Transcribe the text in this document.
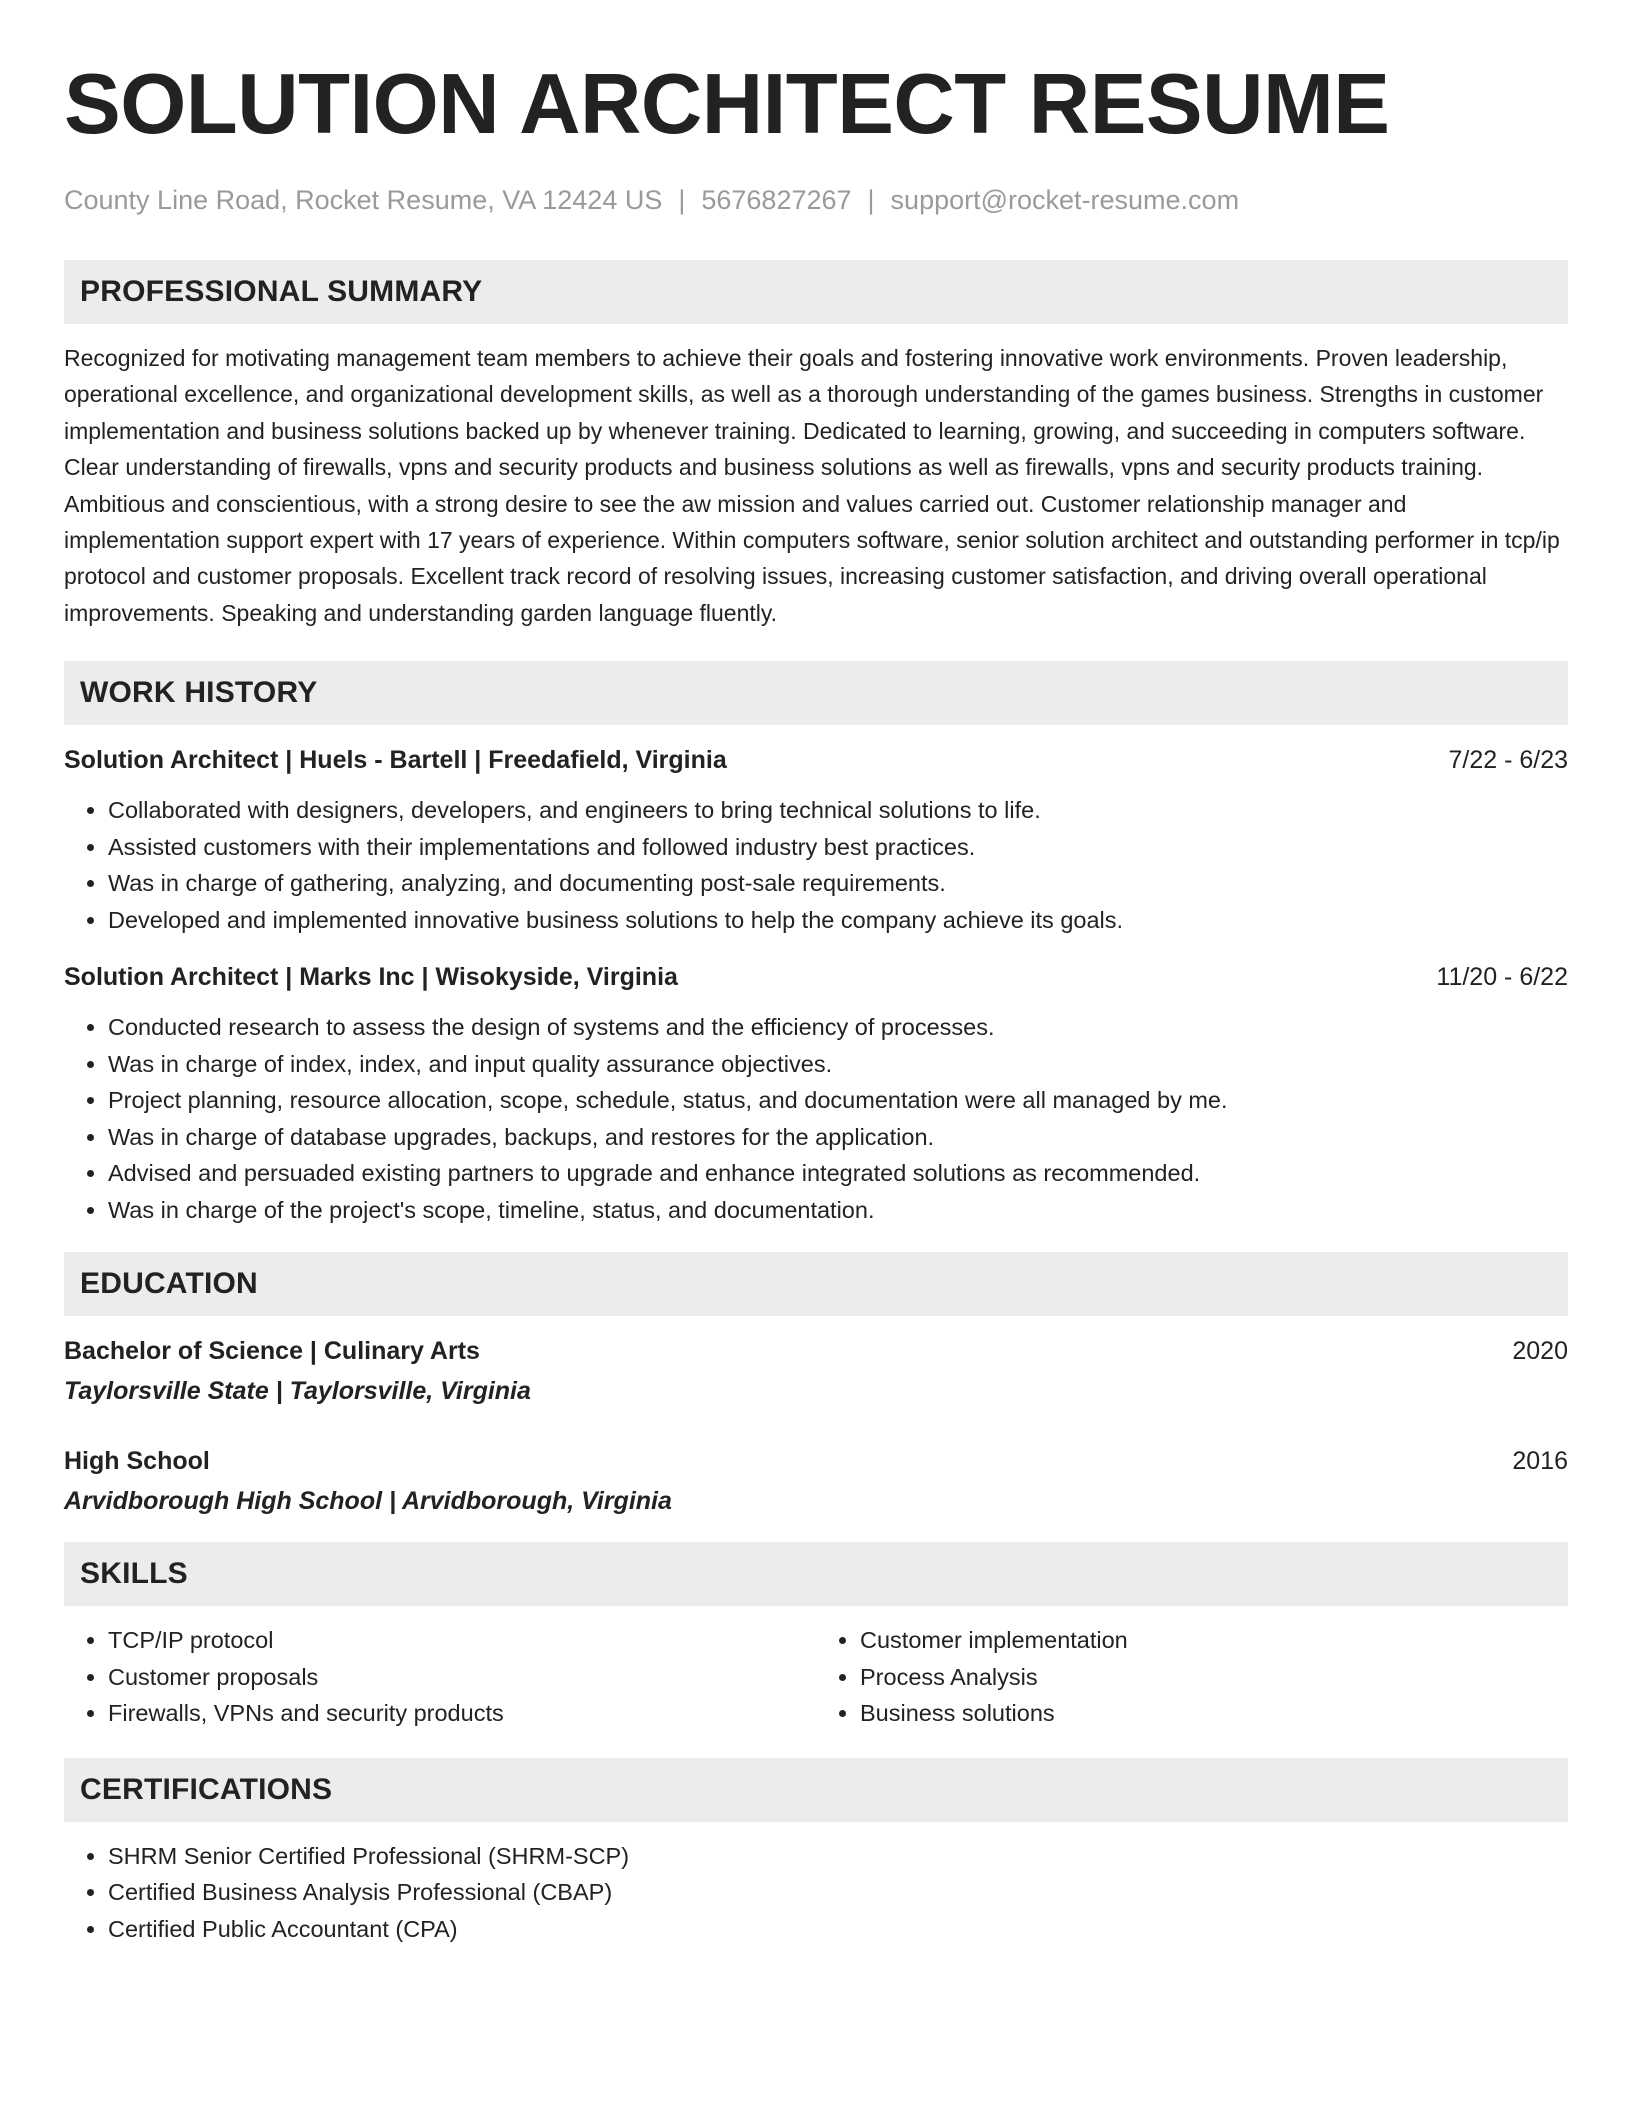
SOLUTION ARCHITECT RESUME
County Line Road, Rocket Resume, VA 12424 US | 5676827267 | support@rocket-resume.com
PROFESSIONAL SUMMARY

Recognized for motivating management team members to achieve their goals and fostering innovative work environments. Proven leadership, operational excellence, and organizational development skills, as well as a thorough understanding of the games business. Strengths in customer implementation and business solutions backed up by whenever training. Dedicated to learning, growing, and succeeding in computers software. Clear understanding of firewalls, vpns and security products and business solutions as well as firewalls, vpns and security products training. Ambitious and conscientious, with a strong desire to see the aw mission and values carried out. Customer relationship manager and implementation support expert with 17 years of experience. Within computers software, senior solution architect and outstanding performer in tcp/ip protocol and customer proposals. Excellent track record of resolving issues, increasing customer satisfaction, and driving overall operational improvements. Speaking and understanding garden language fluently.

WORK HISTORY
Solution Architect | Huels - Bartell | Freedafield, Virginia	7/22 - 6/23
• Collaborated with designers, developers, and engineers to bring technical solutions to life.
• Assisted customers with their implementations and followed industry best practices.
• Was in charge of gathering, analyzing, and documenting post-sale requirements.
• Developed and implemented innovative business solutions to help the company achieve its goals.
Solution Architect | Marks Inc | Wisokyside, Virginia	11/20 - 6/22
• Conducted research to assess the design of systems and the efficiency of processes.
• Was in charge of index, index, and input quality assurance objectives.
• Project planning, resource allocation, scope, schedule, status, and documentation were all managed by me.
• Was in charge of database upgrades, backups, and restores for the application.
• Advised and persuaded existing partners to upgrade and enhance integrated solutions as recommended.
• Was in charge of the project's scope, timeline, status, and documentation.
EDUCATION
Bachelor of Science | Culinary Arts	2020
Taylorsville State | Taylorsville, Virginia
High School	2016
Arvidborough High School | Arvidborough, Virginia
SKILLS
• TCP/IP protocol
• Customer proposals
• Firewalls, VPNs and security products
• Customer implementation
• Process Analysis
• Business solutions
CERTIFICATIONS
• SHRM Senior Certified Professional (SHRM-SCP)
• Certified Business Analysis Professional (CBAP)
• Certified Public Accountant (CPA)
